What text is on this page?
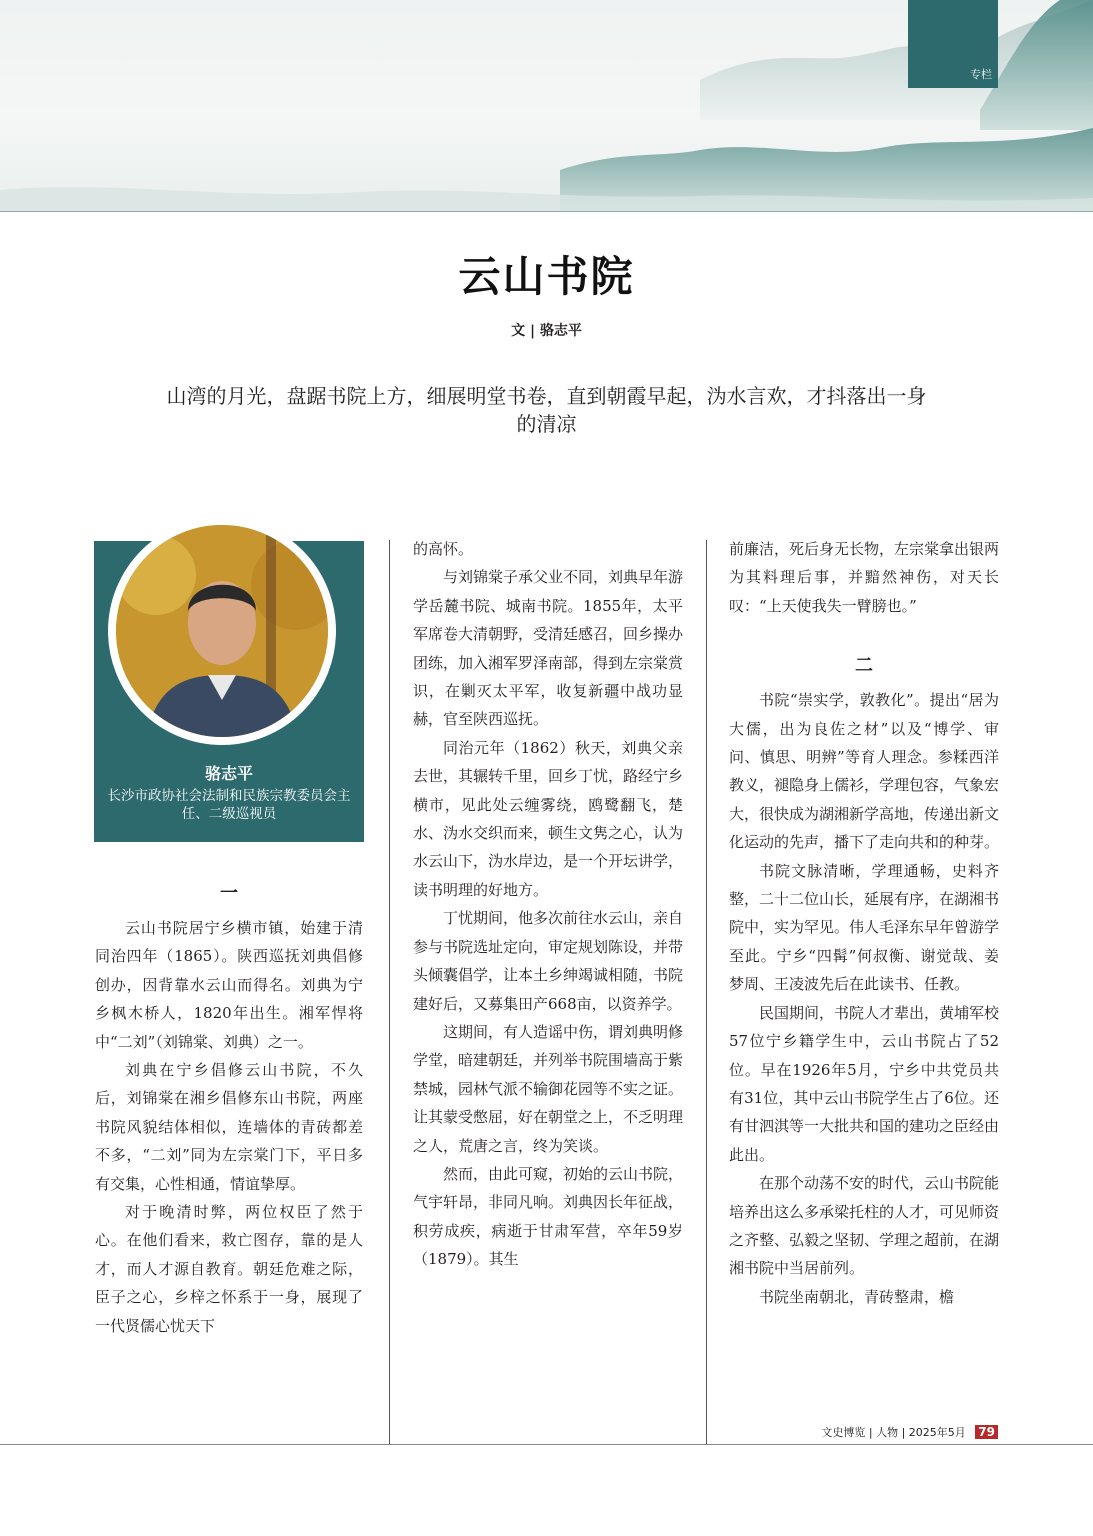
专栏
云山书院
文 | 骆志平
山湾的月光，盘踞书院上方，细展明堂书卷，直到朝霞早起，沩水言欢，才抖落出一身的清凉
骆志平
长沙市政协社会法制和民族宗教委员会主任、二级巡视员
一

云山书院居宁乡横市镇，始建于清同治四年（1865）。陕西巡抚刘典倡修创办，因背靠水云山而得名。刘典为宁乡枫木桥人，1820年出生。湘军悍将中“二刘”（刘锦棠、刘典）之一。

刘典在宁乡倡修云山书院，不久后，刘锦棠在湘乡倡修东山书院，两座书院风貌结体相似，连墙体的青砖都差不多，“二刘”同为左宗棠门下，平日多有交集，心性相通，情谊挚厚。

对于晚清时弊，两位权臣了然于心。在他们看来，救亡图存，靠的是人才，而人才源自教育。朝廷危难之际，臣子之心，乡梓之怀系于一身，展现了一代贤儒心忧天下

的高怀。

与刘锦棠子承父业不同，刘典早年游学岳麓书院、城南书院。1855年，太平军席卷大清朝野，受清廷感召，回乡操办团练，加入湘军罗泽南部，得到左宗棠赏识，在剿灭太平军，收复新疆中战功显赫，官至陕西巡抚。

同治元年（1862）秋天，刘典父亲去世，其辗转千里，回乡丁忧，路经宁乡横市，见此处云缠雾绕，鸥鹭翻飞，楚水、沩水交织而来，顿生文隽之心，认为水云山下，沩水岸边，是一个开坛讲学，读书明理的好地方。

丁忧期间，他多次前往水云山，亲自参与书院选址定向，审定规划陈设，并带头倾囊倡学，让本土乡绅竭诚相随，书院建好后，又募集田产668亩，以资养学。

这期间，有人造谣中伤，谓刘典明修学堂，暗建朝廷，并列举书院围墙高于紫禁城，园林气派不输御花园等不实之证。让其蒙受憋屈，好在朝堂之上，不乏明理之人，荒唐之言，终为笑谈。

然而，由此可窥，初始的云山书院，气宇轩昂，非同凡响。刘典因长年征战，积劳成疾，病逝于甘肃军营，卒年59岁（1879）。其生

前廉洁，死后身无长物，左宗棠拿出银两为其料理后事，并黯然神伤，对天长叹：“上天使我失一臂膀也。”

二

书院“崇实学，敦教化”。提出“居为大儒，出为良佐之材”以及“博学、审问、慎思、明辨”等育人理念。参糅西洋教义，褪隐身上儒衫，学理包容，气象宏大，很快成为湖湘新学高地，传递出新文化运动的先声，播下了走向共和的种芽。

书院文脉清晰，学理通畅，史料齐整，二十二位山长，延展有序，在湖湘书院中，实为罕见。伟人毛泽东早年曾游学至此。宁乡“四髯”何叔衡、谢觉哉、姜梦周、王凌波先后在此读书、任教。

民国期间，书院人才辈出，黄埔军校57位宁乡籍学生中，云山书院占了52位。早在1926年5月，宁乡中共党员共有31位，其中云山书院学生占了6位。还有甘泗淇等一大批共和国的建功之臣经由此出。

在那个动荡不安的时代，云山书院能培养出这么多承梁托柱的人才，可见师资之齐整、弘毅之坚韧、学理之超前，在湖湘书院中当居前列。

书院坐南朝北，青砖整肃，檐

文史博览 | 人物 | 2025年5月 79
